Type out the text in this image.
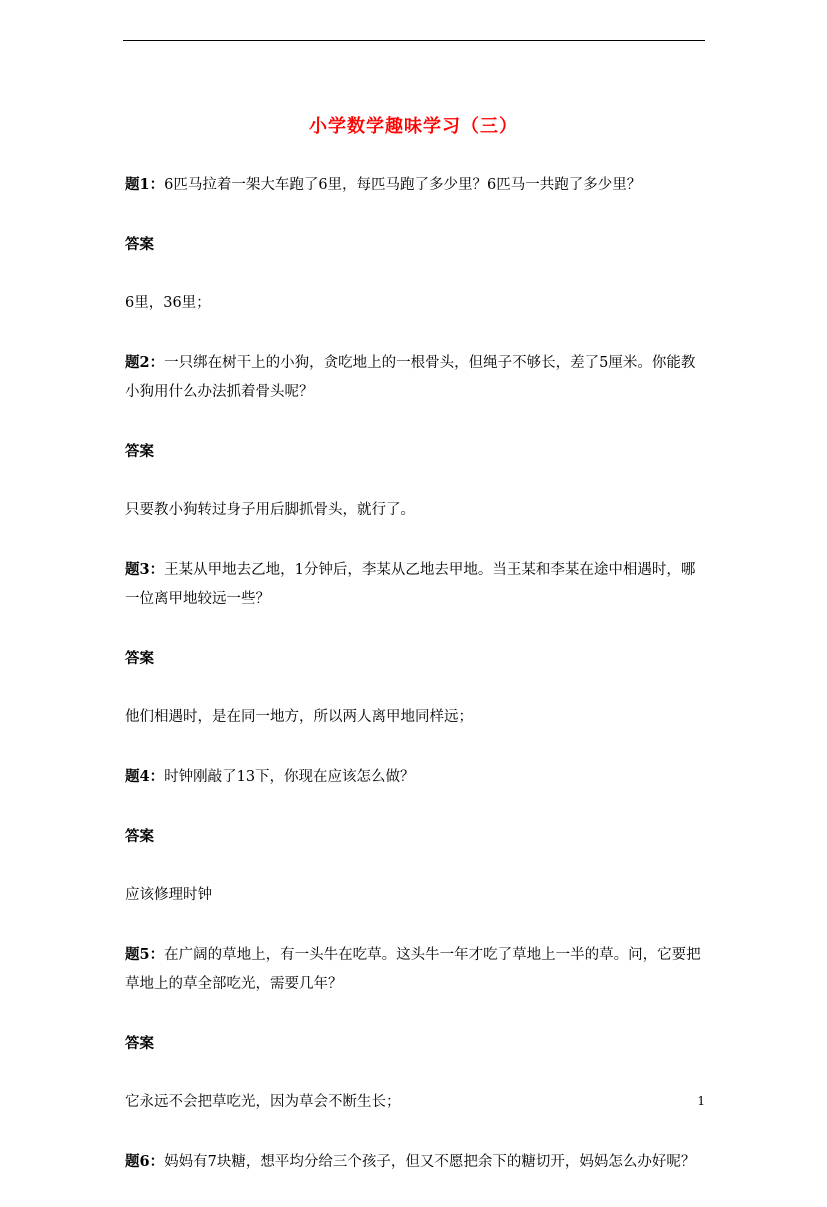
小学数学趣味学习（三）
题1：6匹马拉着一架大车跑了6里，每匹马跑了多少里？6匹马一共跑了多少里？
答案
6里，36里；
题2：一只绑在树干上的小狗，贪吃地上的一根骨头，但绳子不够长，差了5厘米。你能教小狗用什么办法抓着骨头呢？
答案
只要教小狗转过身子用后脚抓骨头，就行了。
题3：王某从甲地去乙地，1分钟后，李某从乙地去甲地。当王某和李某在途中相遇时，哪一位离甲地较远一些？
答案
他们相遇时，是在同一地方，所以两人离甲地同样远；
题4：时钟刚敲了13下，你现在应该怎么做？
答案
应该修理时钟
题5：在广阔的草地上，有一头牛在吃草。这头牛一年才吃了草地上一半的草。问，它要把草地上的草全部吃光，需要几年？
答案
它永远不会把草吃光，因为草会不断生长；
题6：妈妈有7块糖，想平均分给三个孩子，但又不愿把余下的糖切开，妈妈怎么办好呢？
1
